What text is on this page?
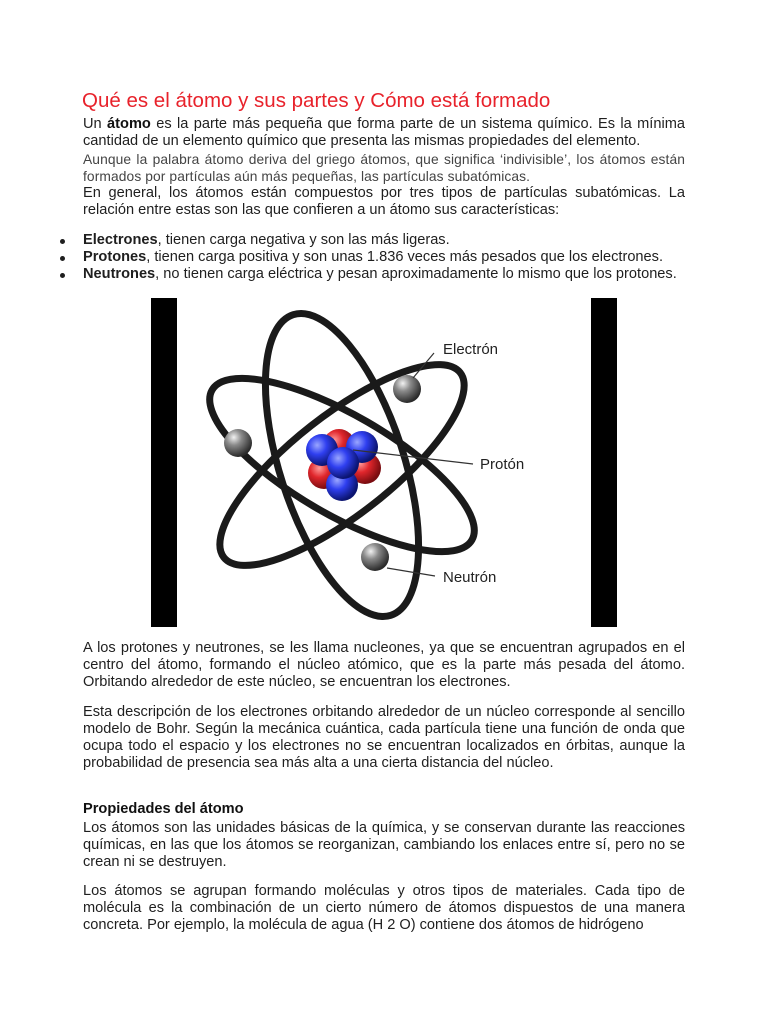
Qué es el átomo y sus partes y Cómo está formado

Un átomo es la parte más pequeña que forma parte de un sistema químico. Es la mínima cantidad de un elemento químico que presenta las mismas propiedades del elemento.

Aunque la palabra átomo deriva del griego átomos, que significa ‘indivisible’, los átomos están formados por partículas aún más pequeñas, las partículas subatómicas.

En general, los átomos están compuestos por tres tipos de partículas subatómicas. La relación entre estas son las que confieren a un átomo sus características:

Electrones, tienen carga negativa y son las más ligeras.
Protones, tienen carga positiva y son unas 1.836 veces más pesados que los electrones.
Neutrones, no tienen carga eléctrica y pesan aproximadamente lo mismo que los protones.
Electrón
Protón
Neutrón

A los protones y neutrones, se les llama nucleones, ya que se encuentran agrupados en el centro del átomo, formando el núcleo atómico, que es la parte más pesada del átomo. Orbitando alrededor de este núcleo, se encuentran los electrones.

Esta descripción de los electrones orbitando alrededor de un núcleo corresponde al sencillo modelo de Bohr. Según la mecánica cuántica, cada partícula tiene una función de onda que ocupa todo el espacio y los electrones no se encuentran localizados en órbitas, aunque la probabilidad de presencia sea más alta a una cierta distancia del núcleo.

Propiedades del átomo

Los átomos son las unidades básicas de la química, y se conservan durante las reacciones químicas, en las que los átomos se reorganizan, cambiando los enlaces entre sí, pero no se crean ni se destruyen.

Los átomos se agrupan formando moléculas y otros tipos de materiales. Cada tipo de molécula es la combinación de un cierto número de átomos dispuestos de una manera concreta. Por ejemplo, la molécula de agua (H 2 O) contiene dos átomos de hidrógeno
